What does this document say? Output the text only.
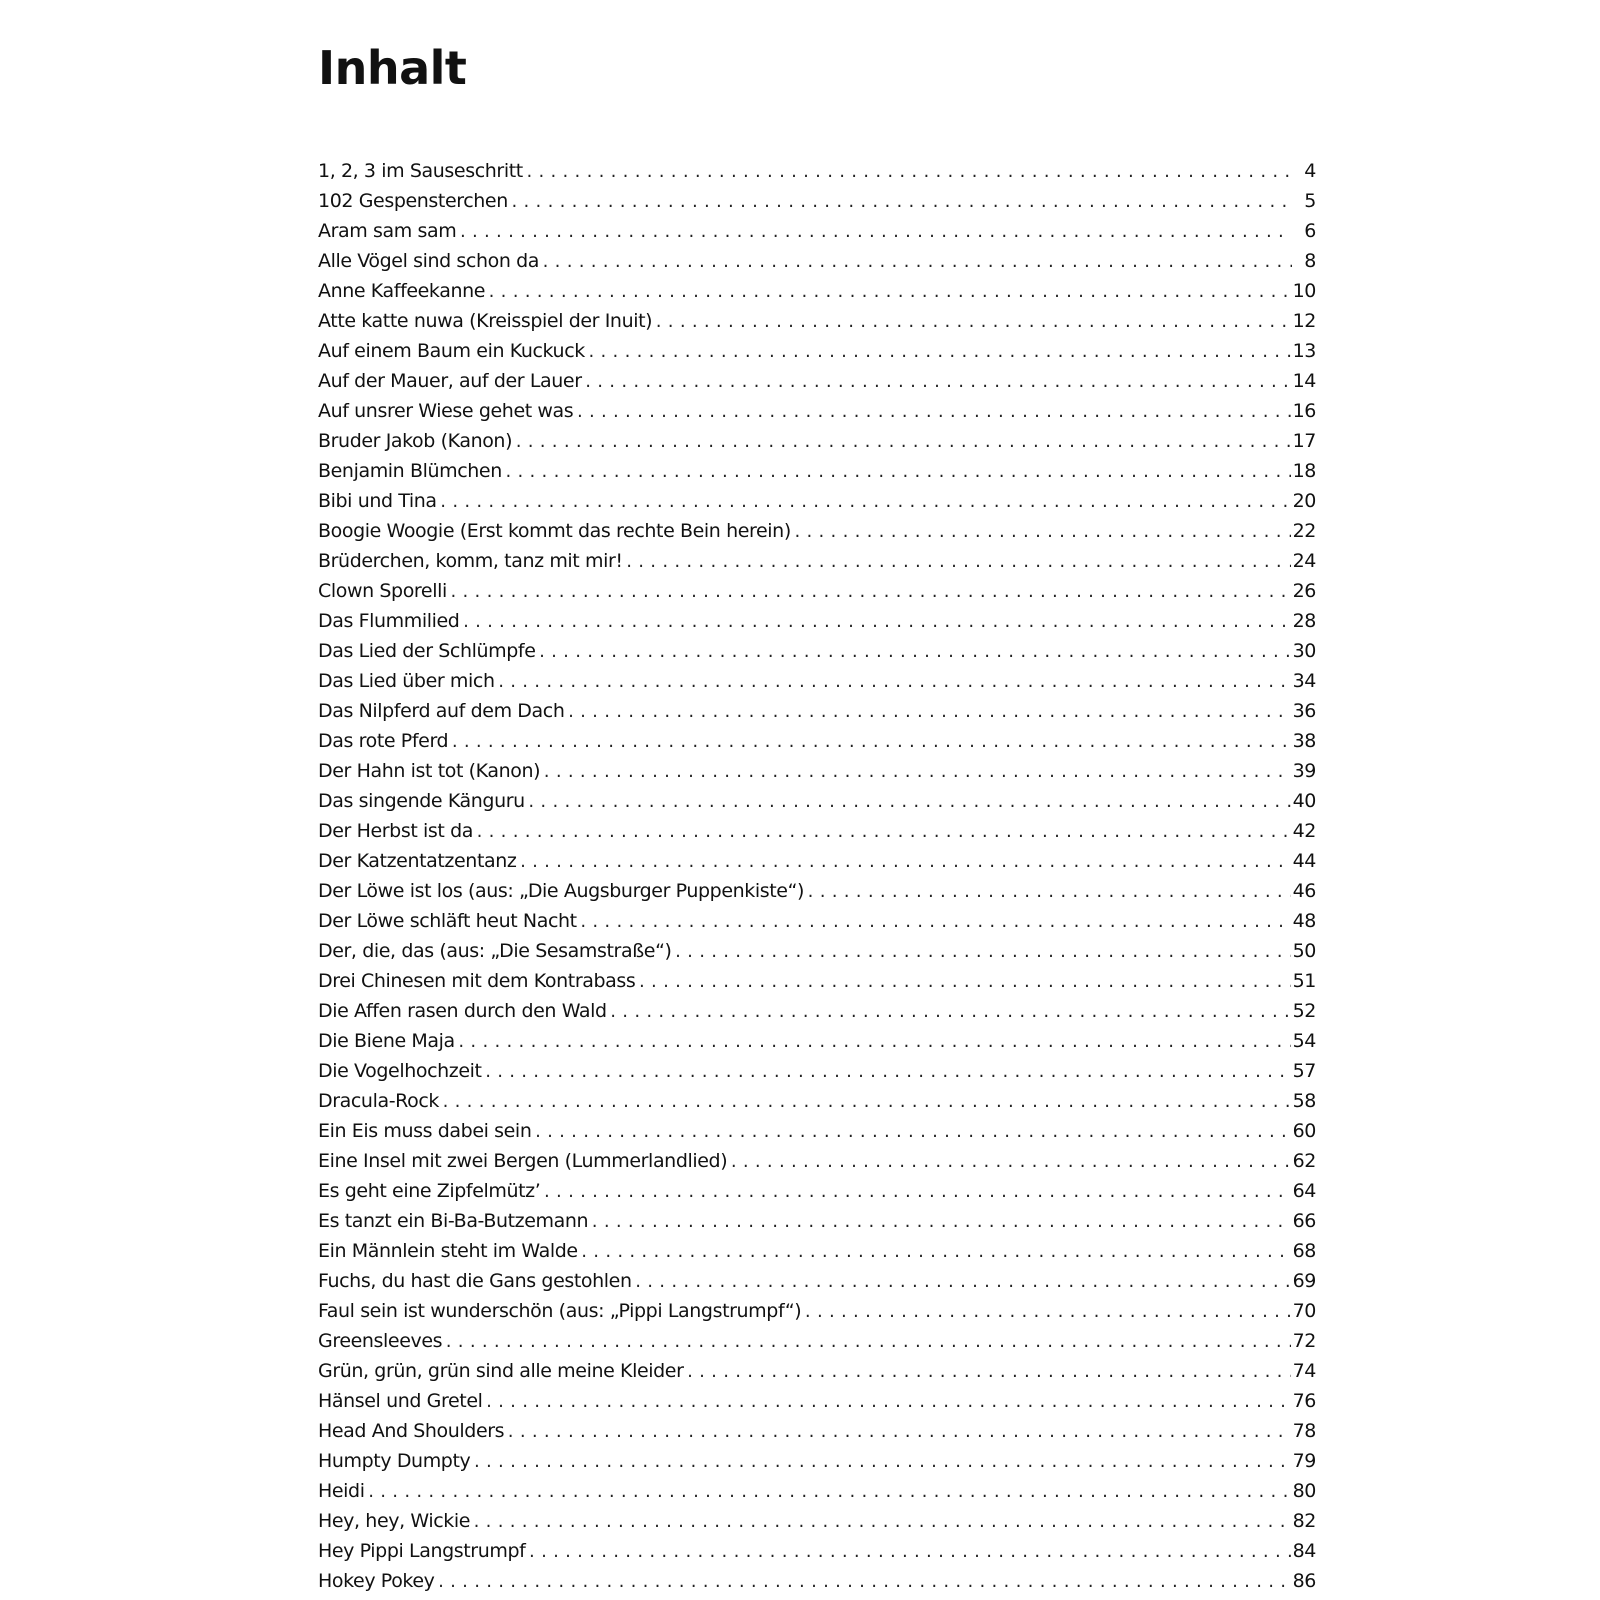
Inhalt
1, 2, 3 im Sauseschritt .....	4
102 Gespensterchen .....	5
Aram sam sam .....	6
Alle Vögel sind schon da .....	8
Anne Kaffeekanne .....	10
Atte katte nuwa (Kreisspiel der Inuit) .....	12
Auf einem Baum ein Kuckuck .....	13
Auf der Mauer, auf der Lauer .....	14
Auf unsrer Wiese gehet was .....	16
Bruder Jakob (Kanon) .....	17
Benjamin Blümchen .....	18
Bibi und Tina .....	20
Boogie Woogie (Erst kommt das rechte Bein herein) .....	22
Brüderchen, komm, tanz mit mir! .....	24
Clown Sporelli .....	26
Das Flummilied .....	28
Das Lied der Schlümpfe .....	30
Das Lied über mich .....	34
Das Nilpferd auf dem Dach .....	36
Das rote Pferd .....	38
Der Hahn ist tot (Kanon) .....	39
Das singende Känguru .....	40
Der Herbst ist da .....	42
Der Katzentatzentanz .....	44
Der Löwe ist los (aus: „Die Augsburger Puppenkiste“) .....	46
Der Löwe schläft heut Nacht .....	48
Der, die, das (aus: „Die Sesamstraße“) .....	50
Drei Chinesen mit dem Kontrabass .....	51
Die Affen rasen durch den Wald .....	52
Die Biene Maja .....	54
Die Vogelhochzeit .....	57
Dracula-Rock .....	58
Ein Eis muss dabei sein .....	60
Eine Insel mit zwei Bergen (Lummerlandlied) .....	62
Es geht eine Zipfelmütz’ .....	64
Es tanzt ein Bi-Ba-Butzemann .....	66
Ein Männlein steht im Walde .....	68
Fuchs, du hast die Gans gestohlen .....	69
Faul sein ist wunderschön (aus: „Pippi Langstrumpf“) .....	70
Greensleeves .....	72
Grün, grün, grün sind alle meine Kleider .....	74
Hänsel und Gretel .....	76
Head And Shoulders .....	78
Humpty Dumpty .....	79
Heidi .....	80
Hey, hey, Wickie .....	82
Hey Pippi Langstrumpf .....	84
Hokey Pokey .....	86
